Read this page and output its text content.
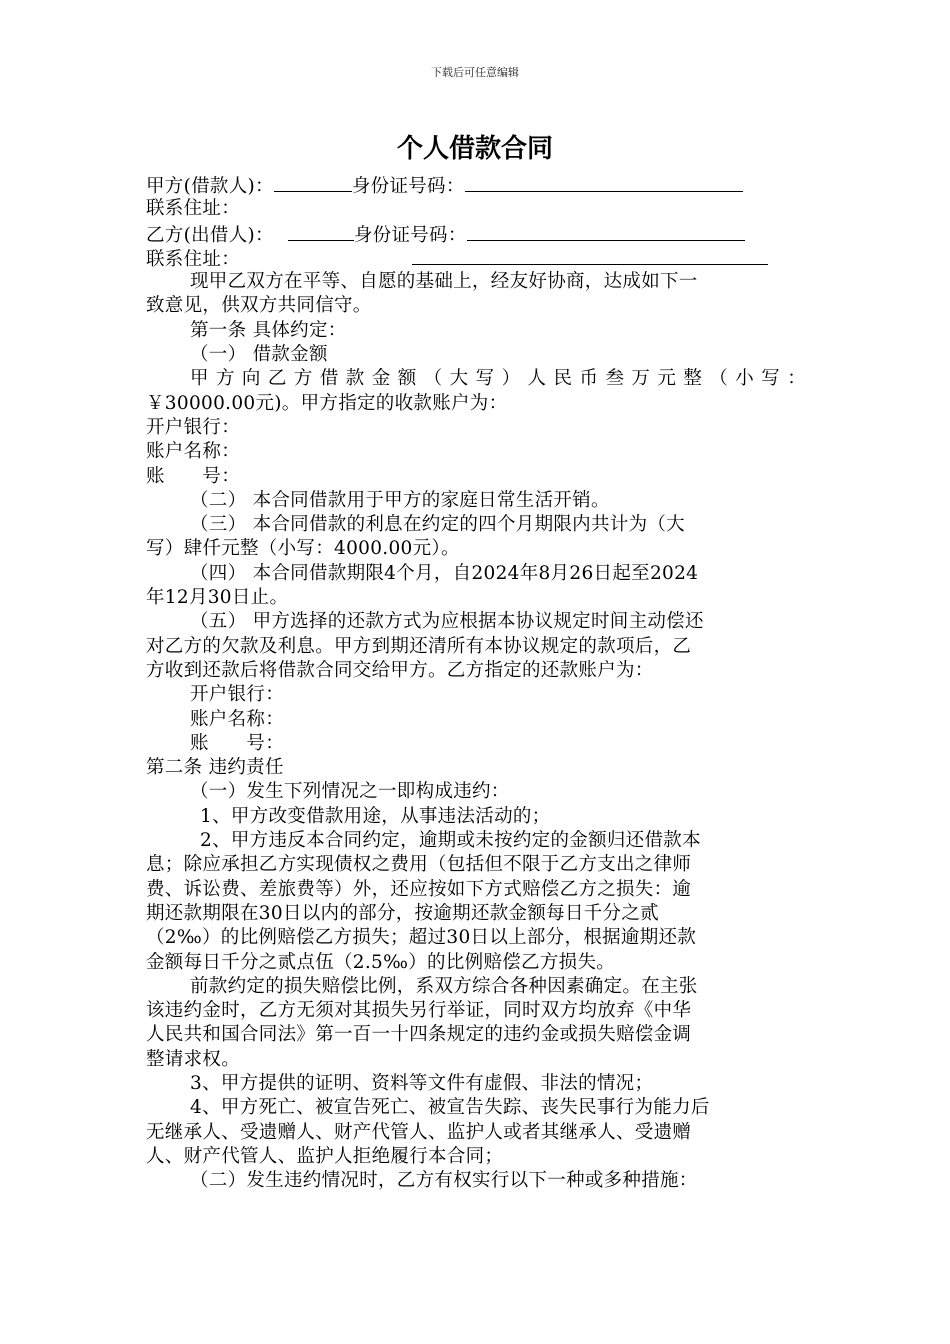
下载后可任意编辑
个人借款合同
甲方(借款人)：	身份证号码：
联系住址：
乙方(出借人)：	身份证号码：
联系住址：
现甲乙双方在平等、自愿的基础上，经友好协商，达成如下一
致意见，供双方共同信守。
第一条 具体约定：
（一） 借款金额
甲方向乙方借款金额（大写）人民币叁万元整（小写：
￥30000.00元)。甲方指定的收款账户为：
开户银行：
账户名称：
账　　号：
（二） 本合同借款用于甲方的家庭日常生活开销。
（三） 本合同借款的利息在约定的四个月期限内共计为（大
写）肆仟元整（小写：4000.00元）。
（四） 本合同借款期限4个月，自2024年8月26日起至2024
年12月30日止。
（五） 甲方选择的还款方式为应根据本协议规定时间主动偿还
对乙方的欠款及利息。甲方到期还清所有本协议规定的款项后，乙
方收到还款后将借款合同交给甲方。乙方指定的还款账户为：
开户银行：
账户名称：
账　　号：
第二条 违约责任
（一）发生下列情况之一即构成违约：
1、甲方改变借款用途，从事违法活动的；
2、甲方违反本合同约定，逾期或未按约定的金额归还借款本
息；除应承担乙方实现债权之费用（包括但不限于乙方支出之律师
费、诉讼费、差旅费等）外，还应按如下方式赔偿乙方之损失：逾
期还款期限在30日以内的部分，按逾期还款金额每日千分之贰
（2‰）的比例赔偿乙方损失；超过30日以上部分，根据逾期还款
金额每日千分之贰点伍（2.5‰）的比例赔偿乙方损失。
前款约定的损失赔偿比例，系双方综合各种因素确定。在主张
该违约金时，乙方无须对其损失另行举证，同时双方均放弃《中华
人民共和国合同法》第一百一十四条规定的违约金或损失赔偿金调
整请求权。
3、甲方提供的证明、资料等文件有虚假、非法的情况；
4、甲方死亡、被宣告死亡、被宣告失踪、丧失民事行为能力后
无继承人、受遗赠人、财产代管人、监护人或者其继承人、受遗赠
人、财产代管人、监护人拒绝履行本合同；
（二）发生违约情况时，乙方有权实行以下一种或多种措施：
